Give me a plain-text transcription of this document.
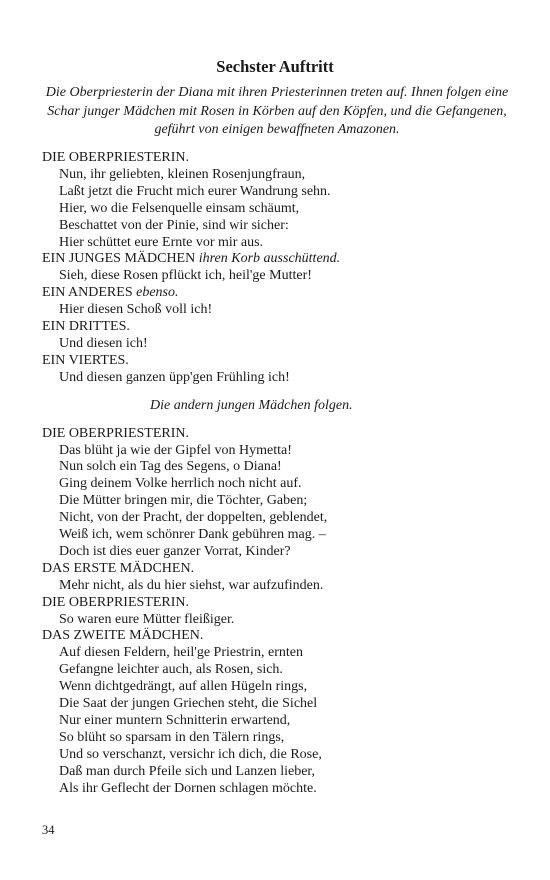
Sechster Auftritt
Die Oberpriesterin der Diana mit ihren Priesterinnen treten auf. Ihnen folgen eine Schar junger Mädchen mit Rosen in Körben auf den Köpfen, und die Gefangenen, geführt von einigen bewaffneten Amazonen.
DIE OBERPRIESTERIN.
Nun, ihr geliebten, kleinen Rosenjungfraun,
Laßt jetzt die Frucht mich eurer Wandrung sehn.
Hier, wo die Felsenquelle einsam schäumt,
Beschattet von der Pinie, sind wir sicher:
Hier schüttet eure Ernte vor mir aus.
EIN JUNGES MÄDCHEN ihren Korb ausschüttend.
Sieh, diese Rosen pflückt ich, heil'ge Mutter!
EIN ANDERES ebenso.
Hier diesen Schoß voll ich!
EIN DRITTES.
Und diesen ich!
EIN VIERTES.
Und diesen ganzen üpp'gen Frühling ich!
Die andern jungen Mädchen folgen.
DIE OBERPRIESTERIN.
Das blüht ja wie der Gipfel von Hymetta!
Nun solch ein Tag des Segens, o Diana!
Ging deinem Volke herrlich noch nicht auf.
Die Mütter bringen mir, die Töchter, Gaben;
Nicht, von der Pracht, der doppelten, geblendet,
Weiß ich, wem schönrer Dank gebühren mag. –
Doch ist dies euer ganzer Vorrat, Kinder?
DAS ERSTE MÄDCHEN.
Mehr nicht, als du hier siehst, war aufzufinden.
DIE OBERPRIESTERIN.
So waren eure Mütter fleißiger.
DAS ZWEITE MÄDCHEN.
Auf diesen Feldern, heil'ge Priestrin, ernten
Gefangne leichter auch, als Rosen, sich.
Wenn dichtgedrängt, auf allen Hügeln rings,
Die Saat der jungen Griechen steht, die Sichel
Nur einer muntern Schnitterin erwartend,
So blüht so sparsam in den Tälern rings,
Und so verschanzt, versichr ich dich, die Rose,
Daß man durch Pfeile sich und Lanzen lieber,
Als ihr Geflecht der Dornen schlagen möchte.
34
